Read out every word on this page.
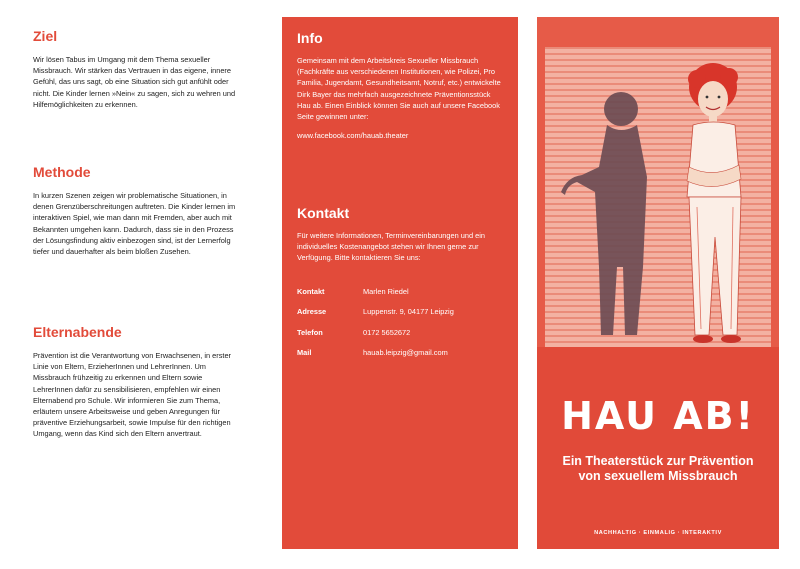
Ziel

Wir lösen Tabus im Umgang mit dem Thema sexueller Missbrauch. Wir stärken das Vertrauen in das eigene, innere Gefühl, das uns sagt, ob eine Situation sich gut anfühlt oder nicht. Die Kinder lernen »Nein« zu sagen, sich zu wehren und Hilfemöglichkeiten zu erkennen.

Methode

In kurzen Szenen zeigen wir problematische Situationen, in denen Grenzüberschreitungen auftreten. Die Kinder lernen im interaktiven Spiel, wie man dann mit Fremden, aber auch mit Bekannten umgehen kann. Dadurch, dass sie in den Prozess der Lösungsfindung aktiv einbezogen sind, ist der Lernerfolg tiefer und dauerhafter als beim bloßen Zusehen.

Elternabende

Prävention ist die Verantwortung von Erwachsenen, in erster Linie von Eltern, ErzieherInnen und LehrerInnen. Um Missbrauch frühzeitig zu erkennen und Eltern sowie LehrerInnen dafür zu sensibilisieren, empfehlen wir einen Elternabend pro Schule. Wir informieren Sie zum Thema, erläutern unsere Arbeitsweise und geben Anregungen für präventive Erziehungsarbeit, sowie Impulse für den richtigen Umgang, wenn das Kind sich den Eltern anvertraut.

Info

Gemeinsam mit dem Arbeitskreis Sexueller Missbrauch (Fachkräfte aus verschiedenen Institutionen, wie Polizei, Pro Familia, Jugendamt, Gesundheitsamt, Notruf, etc.) entwickelte Dirk Bayer das mehrfach ausgezeichnete Präventionsstück Hau ab. Einen Einblick können Sie auch auf unsere Facebook Seite gewinnen unter:

www.facebook.com/hauab.theater

Kontakt

Für weitere Informationen, Terminvereinbarungen und ein individuelles Kostenangebot stehen wir Ihnen gerne zur Verfügung. Bitte kontaktieren Sie uns:

Kontakt	Marlen Riedel
Adresse	Luppenstr. 9, 04177 Leipzig
Telefon	0172 5652672
Mail	hauab.leipzig@gmail.com
HAU AB!
Ein Theaterstück zur Prävention von sexuellem Missbrauch
NACHHALTIG · EINMALIG · INTERAKTIV
